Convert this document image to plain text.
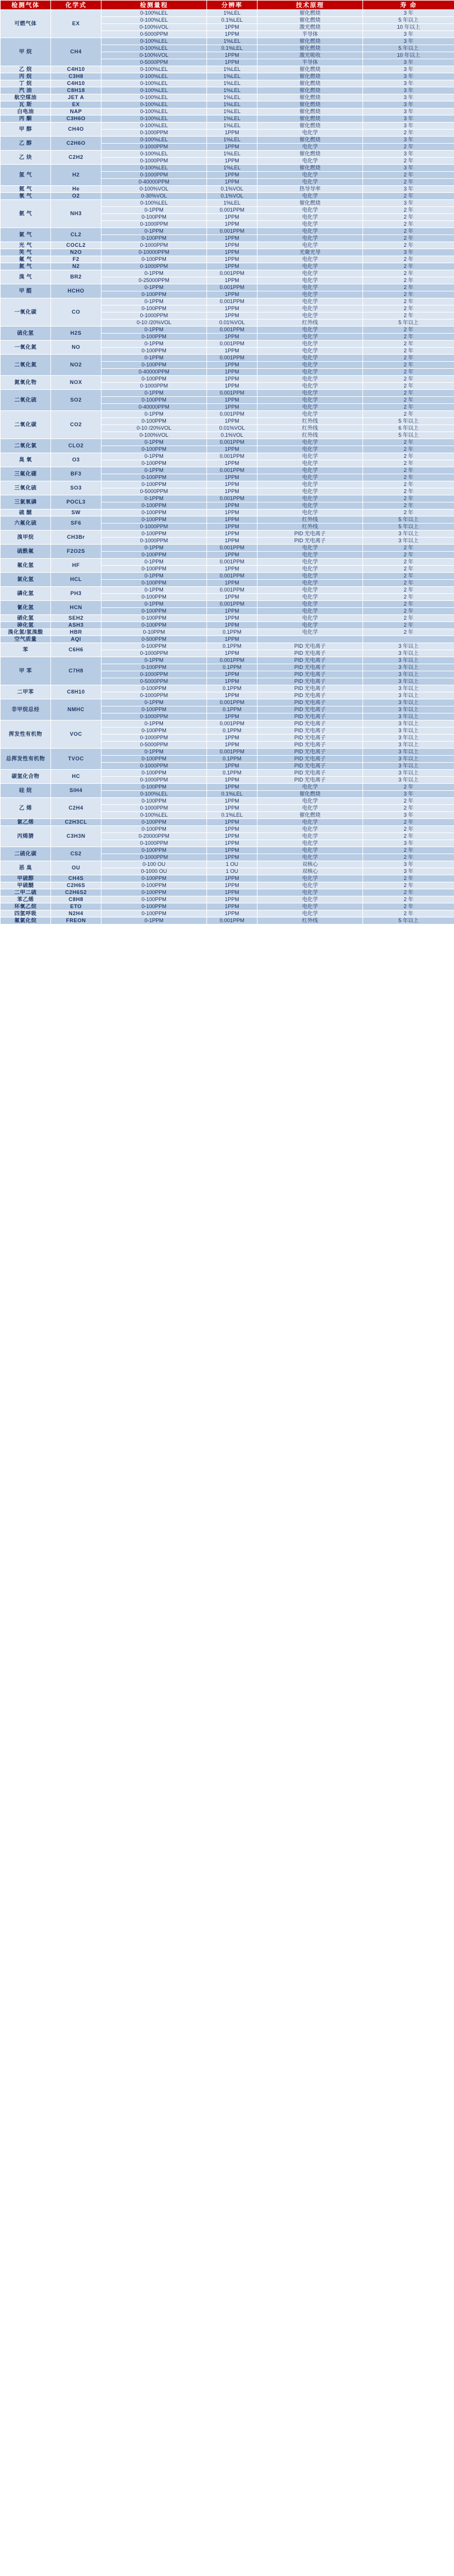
检测气体	化学式	检测量程	分辨率	技术原理	寿 命
可燃气体	EX	0-100%LEL	1%LEL	催化燃烧	3 年
		0-100%LEL	0.1%LEL	催化燃烧	5 年以上
		0-100%VOL	1PPM	激光燃烧	10 年以上
		0-5000PPM	1PPM	半导体	3 年
甲 烷	CH4	0-100%LEL	1%LEL	催化燃烧	3 年
		0-100%LEL	0.1%LEL	催化燃烧	5 年以上
		0-100%VOL	1PPM	激光吸收	10 年以上
		0-5000PPM	1PPM	半导体	3 年
乙 烷	C4H10	0-100%LEL	1%LEL	催化燃烧	3 年
丙 烷	C3H8	0-100%LEL	1%LEL	催化燃烧	3 年
丁 烷	C4H10	0-100%LEL	1%LEL	催化燃烧	3 年
汽 油	C8H18	0-100%LEL	1%LEL	催化燃烧	3 年
航空煤油	JET A	0-100%LEL	1%LEL	催化燃烧	3 年
瓦 斯	EX	0-100%LEL	1%LEL	催化燃烧	3 年
白电油	NAP	0-100%LEL	1%LEL	催化燃烧	3 年
丙 酮	C3H6O	0-100%LEL	1%LEL	催化燃烧	3 年
甲 醇	CH4O	0-100%LEL	1%LEL	催化燃烧	3 年
		0-1000PPM	1PPM	电化学	2 年
乙 醇	C2H6O	0-100%LEL	1%LEL	催化燃烧	3 年
		0-1000PPM	1PPM	电化学	2 年
乙 炔	C2H2	0-100%LEL	1%LEL	催化燃烧	3 年
		0-1000PPM	1PPM	电化学	2 年
氢 气	H2	0-100%LEL	1%LEL	催化燃烧	3 年
		0-1000PPM	1PPM	电化学	2 年
		0-40000PPM	1PPM	电化学	2 年
氦 气	He	0-100%VOL	0.1%VOL	热导导率	3 年
氧 气	O2	0-30%VOL	0.1%VOL	电化学	2 年
氨 气	NH3	0-100%LEL	1%LEL	催化燃烧	3 年
		0-1PPM	0.001PPM	电化学	2 年
		0-100PPM	1PPM	电化学	2 年
		0-1000PPM	1PPM	电化学	2 年
氯 气	CL2	0-1PPM	0.001PPM	电化学	2 年
		0-100PPM	1PPM	电化学	2 年
光 气	COCL2	0-1000PPM	1PPM	电化学	2 年
笑 气	N2O	0-10000PPM	1PPM	光聚光导	3 年
氟 气	F2	0-100PPM	1PPM	电化学	2 年
氮 气	N2	0-1000PPM	1PPM	电化学	2 年
溴 气	BR2	0-1PPM	0.001PPM	电化学	2 年
		0-25000PPM	1PPM	电化学	2 年
甲 醛	HCHO	0-1PPM	0.001PPM	电化学	2 年
		0-100PPM	1PPM	电化学	2 年
一氧化碳	CO	0-1PPM	0.001PPM	电化学	2 年
		0-100PPM	1PPM	电化学	2 年
		0-1000PPM	1PPM	电化学	2 年
		0-10 /20%VOL	0.01%VOL	红外线	5 年以上
硫化氢	H2S	0-1PPM	0.001PPM	电化学	2 年
		0-100PPM	1PPM	电化学	2 年
一氧化氮	NO	0-1PPM	0.001PPM	电化学	2 年
		0-100PPM	1PPM	电化学	2 年
二氧化氮	NO2	0-1PPM	0.001PPM	电化学	2 年
		0-100PPM	1PPM	电化学	2 年
		0-40000PPM	1PPM	电化学	2 年
氮氧化物	NOX	0-100PPM	1PPM	电化学	2 年
		0-1000PPM	1PPM	电化学	2 年
二氧化硫	SO2	0-1PPM	0.001PPM	电化学	2 年
		0-100PPM	1PPM	电化学	2 年
		0-40000PPM	1PPM	电化学	2 年
二氧化碳	CO2	0-1PPM	0.001PPM	电化学	2 年
		0-100PPM	1PPM	红外线	5 年以上
		0-10 /20%VOL	0.01%VOL	红外线	6 年以上
		0-100%VOL	0.1%VOL	红外线	5 年以上
二氧化氯	CLO2	0-1PPM	0.001PPM	电化学	2 年
		0-100PPM	1PPM	电化学	2 年
臭 氧	O3	0-1PPM	0.001PPM	电化学	2 年
		0-100PPM	1PPM	电化学	2 年
三氟化硼	BF3	0-1PPM	0.001PPM	电化学	2 年
		0-100PPM	1PPM	电化学	2 年
三氧化硫	SO3	0-100PPM	1PPM	电化学	2 年
		0-5000PPM	1PPM	电化学	2 年
三氯氧磷	POCL3	0-1PPM	0.001PPM	电化学	2 年
		0-100PPM	1PPM	电化学	2 年
硫 醚	SW	0-100PPM	1PPM	电化学	2 年
六氟化硫	SF6	0-100PPM	1PPM	红外线	5 年以上
		0-1000PPM	1PPM	红外线	5 年以上
溴甲烷	CH3Br	0-100PPM	1PPM	PID 光电离子	3 年以上
		0-1000PPM	1PPM	PID 光电离子	3 年以上
硫酰氟	F2O2S	0-1PPM	0.001PPM	电化学	2 年
		0-100PPM	1PPM	电化学	2 年
氟化氢	HF	0-1PPM	0.001PPM	电化学	2 年
		0-100PPM	1PPM	电化学	2 年
氯化氢	HCL	0-1PPM	0.001PPM	电化学	2 年
		0-100PPM	1PPM	电化学	2 年
磷化氢	PH3	0-1PPM	0.001PPM	电化学	2 年
		0-100PPM	1PPM	电化学	2 年
氰化氢	HCN	0-1PPM	0.001PPM	电化学	2 年
		0-100PPM	1PPM	电化学	2 年
硒化氢	SEH2	0-100PPM	1PPM	电化学	2 年
砷化氢	ASH3	0-100PPM	1PPM	电化学	2 年
溴化氢/氢溴酸	HBR	0-10PPM	0.1PPM	电化学	2 年
空气质量	AQI	0-500PPM	1PPM		
苯	C6H6	0-100PPM	0.1PPM	PID 光电离子	3 年以上
		0-1000PPM	1PPM	PID 光电离子	3 年以上
甲 苯	C7H8	0-1PPM	0.001PPM	PID 光电离子	3 年以上
		0-100PPM	0.1PPM	PID 光电离子	3 年以上
		0-1000PPM	1PPM	PID 光电离子	3 年以上
		0-5000PPM	1PPM	PID 光电离子	3 年以上
二甲苯	C8H10	0-100PPM	0.1PPM	PID 光电离子	3 年以上
		0-1000PPM	1PPM	PID 光电离子	3 年以上
非甲烷总烃	NMHC	0-1PPM	0.001PPM	PID 光电离子	3 年以上
		0-100PPM	0.1PPM	PID 光电离子	3 年以上
		0-1000PPM	1PPM	PID 光电离子	3 年以上
挥发性有机物	VOC	0-1PPM	0.001PPM	PID 光电离子	3 年以上
		0-100PPM	0.1PPM	PID 光电离子	3 年以上
		0-1000PPM	1PPM	PID 光电离子	3 年以上
		0-5000PPM	1PPM	PID 光电离子	3 年以上
总挥发性有机物	TVOC	0-1PPM	0.001PPM	PID 光电离子	3 年以上
		0-100PPM	0.1PPM	PID 光电离子	3 年以上
		0-1000PPM	1PPM	PID 光电离子	3 年以上
碳氢化合物	HC	0-100PPM	0.1PPM	PID 光电离子	3 年以上
		0-1000PPM	1PPM	PID 光电离子	3 年以上
硅 烷	SIH4	0-100PPM	1PPM	电化学	2 年
		0-100%LEL	0.1%LEL	催化燃烧	3 年
乙 烯	C2H4	0-100PPM	1PPM	电化学	2 年
		0-1000PPM	1PPM	电化学	2 年
		0-100%LEL	0.1%LEL	催化燃烧	3 年
氯乙烯	C2H3CL	0-100PPM	1PPM	电化学	2 年
丙烯腈	C3H3N	0-100PPM	1PPM	电化学	2 年
		0-20000PPM	1PPM	电化学	2 年
		0-1000PPM	1PPM	电化学	3 年
二硫化碳	CS2	0-100PPM	1PPM	电化学	2 年
		0-1000PPM	1PPM	电化学	2 年
恶 臭	OU	0-100 OU	1 OU	双核心	3 年
		0-1000 OU	1 OU	双核心	3 年
甲硫醇	CH4S	0-100PPM	1PPM	电化学	2 年
甲硫醚	C2H6S	0-100PPM	1PPM	电化学	2 年
二甲二硫	C2H6S2	0-100PPM	1PPM	电化学	2 年
苯乙烯	C8H8	0-100PPM	1PPM	电化学	2 年
环氧乙烷	ETO	0-100PPM	1PPM	电化学	2 年
四氢呼吸	N2H4	0-100PPM	1PPM	电化学	2 年
氟氯化烷	FREON	0-1PPM	0.001PPM	红外线	5 年以上
